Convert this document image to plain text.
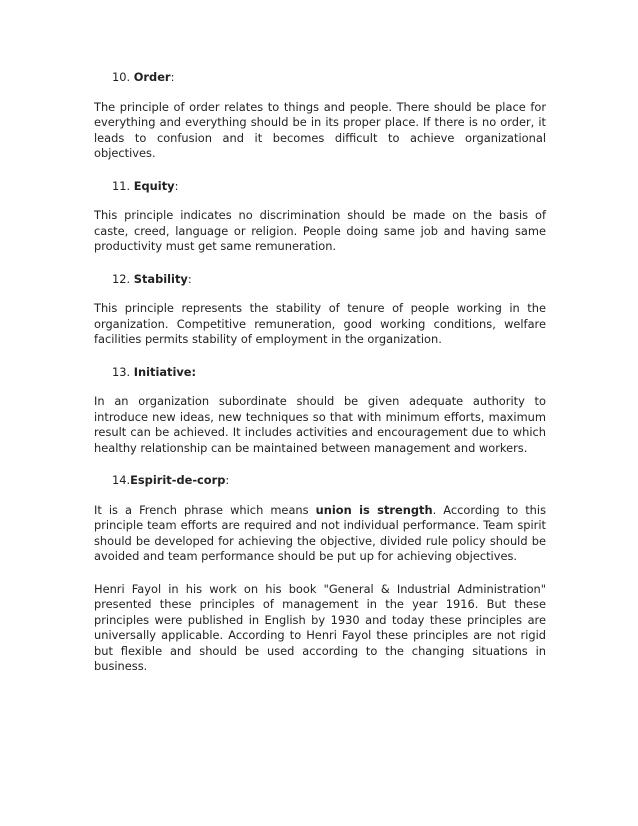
10. Order:

The principle of order relates to things and people. There should be place for everything and everything should be in its proper place. If there is no order, it leads to confusion and it becomes difficult to achieve organizational objectives.

11. Equity:

This principle indicates no discrimination should be made on the basis of caste, creed, language or religion. People doing same job and having same productivity must get same remuneration.

12. Stability:

This principle represents the stability of tenure of people working in the organization. Competitive remuneration, good working conditions, welfare facilities permits stability of employment in the organization.

13. Initiative:

In an organization subordinate should be given adequate authority to introduce new ideas, new techniques so that with minimum efforts, maximum result can be achieved. It includes activities and encouragement due to which healthy relationship can be maintained between management and workers.

14.Espirit-de-corp:

It is a French phrase which means union is strength. According to this principle team efforts are required and not individual performance. Team spirit should be developed for achieving the objective, divided rule policy should be avoided and team performance should be put up for achieving objectives.

Henri Fayol in his work on his book "General & Industrial Administration" presented these principles of management in the year 1916. But these principles were published in English by 1930 and today these principles are universally applicable. According to Henri Fayol these principles are not rigid but flexible and should be used according to the changing situations in business.
